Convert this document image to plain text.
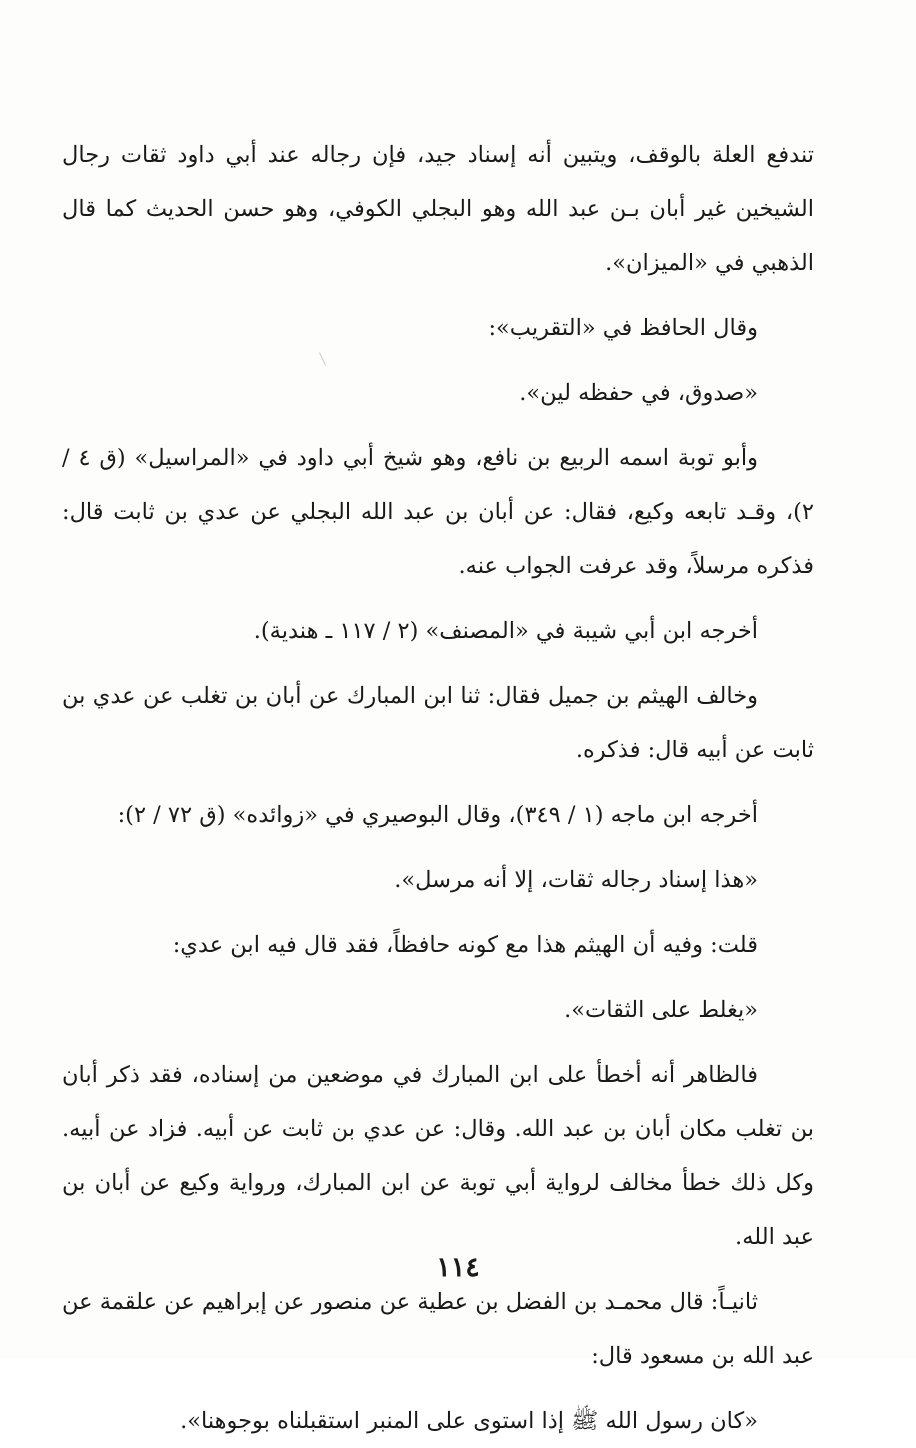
تندفع العلة بالوقف، ويتبين أنه إسناد جيد، فإن رجاله عند أبي داود ثقات رجال الشيخين غير أبان بـن عبد الله وهو البجلي الكوفي، وهو حسن الحديث كما قال الذهبي في «الميزان».

وقال الحافظ في «التقريب»:

«صدوق، في حفظه لين».

وأبو توبة اسمه الربيع بن نافع، وهو شيخ أبي داود في «المراسيل» (ق ٤ / ٢)، وقـد تابعه وكيع، فقال: عن أبان بن عبد الله البجلي عن عدي بن ثابت قال: فذكره مرسلاً، وقد عرفت الجواب عنه.

أخرجه ابن أبي شيبة في «المصنف» (٢ / ١١٧ ـ هندية).

وخالف الهيثم بن جميل فقال: ثنا ابن المبارك عن أبان بن تغلب عن عدي بن ثابت عن أبيه قال: فذكره.

أخرجه ابن ماجه (١ / ٣٤٩)، وقال البوصيري في «زوائده» (ق ٧٢ / ٢):

«هذا إسناد رجاله ثقات، إلا أنه مرسل».

قلت: وفيه أن الهيثم هذا مع كونه حافظاً، فقد قال فيه ابن عدي:

«يغلط على الثقات».

فالظاهر أنه أخطأ على ابن المبارك في موضعين من إسناده، فقد ذكر أبان بن تغلب مكان أبان بن عبد الله. وقال: عن عدي بن ثابت عن أبيه. فزاد عن أبيه. وكل ذلك خطأ مخالف لرواية أبي توبة عن ابن المبارك، ورواية وكيع عن أبان بن عبد الله.

ثانيـاً: قال محمـد بن الفضل بن عطية عن منصور عن إبراهيم عن علقمة عن عبد الله بن مسعود قال:

«كان رسول الله ﷺ إذا استوى على المنبر استقبلناه بوجوهنا».

١١٤
